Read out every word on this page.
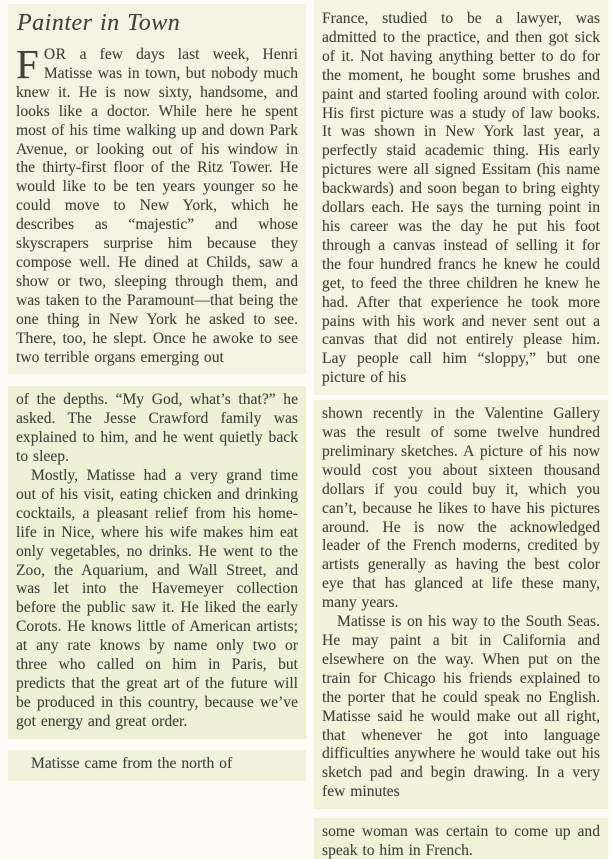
Painter in Town

FOR a few days last week, Henri Matisse was in town, but nobody much knew it. He is now sixty, handsome, and looks like a doctor. While here he spent most of his time walking up and down Park Avenue, or looking out of his window in the thirty-first floor of the Ritz Tower. He would like to be ten years younger so he could move to New York, which he describes as “majestic” and whose skyscrapers surprise him because they compose well. He dined at Childs, saw a show or two, sleeping through them, and was taken to the Paramount—that being the one thing in New York he asked to see. There, too, he slept. Once he awoke to see two terrible organs emerging out

of the depths. “My God, what’s that?” he asked. The Jesse Crawford family was explained to him, and he went quietly back to sleep.

Mostly, Matisse had a very grand time out of his visit, eating chicken and drinking cocktails, a pleasant relief from his home-life in Nice, where his wife makes him eat only vegetables, no drinks. He went to the Zoo, the Aquarium, and Wall Street, and was let into the Havemeyer collection before the public saw it. He liked the early Corots. He knows little of American artists; at any rate knows by name only two or three who called on him in Paris, but predicts that the great art of the future will be produced in this country, because we’ve got energy and great order.

Matisse came from the north of

France, studied to be a lawyer, was admitted to the practice, and then got sick of it. Not having anything better to do for the moment, he bought some brushes and paint and started fooling around with color. His first picture was a study of law books. It was shown in New York last year, a perfectly staid academic thing. His early pictures were all signed Essitam (his name backwards) and soon began to bring eighty dollars each. He says the turning point in his career was the day he put his foot through a canvas instead of selling it for the four hundred francs he knew he could get, to feed the three children he knew he had. After that experience he took more pains with his work and never sent out a canvas that did not entirely please him. Lay people call him “sloppy,” but one picture of his

shown recently in the Valentine Gallery was the result of some twelve hundred preliminary sketches. A picture of his now would cost you about sixteen thousand dollars if you could buy it, which you can’t, because he likes to have his pictures around. He is now the acknowledged leader of the French moderns, credited by artists generally as having the best color eye that has glanced at life these many, many years.

Matisse is on his way to the South Seas. He may paint a bit in California and elsewhere on the way. When put on the train for Chicago his friends explained to the porter that he could speak no English. Matisse said he would make out all right, that whenever he got into language difficulties anywhere he would take out his sketch pad and begin drawing. In a very few minutes

some woman was certain to come up and speak to him in French.
